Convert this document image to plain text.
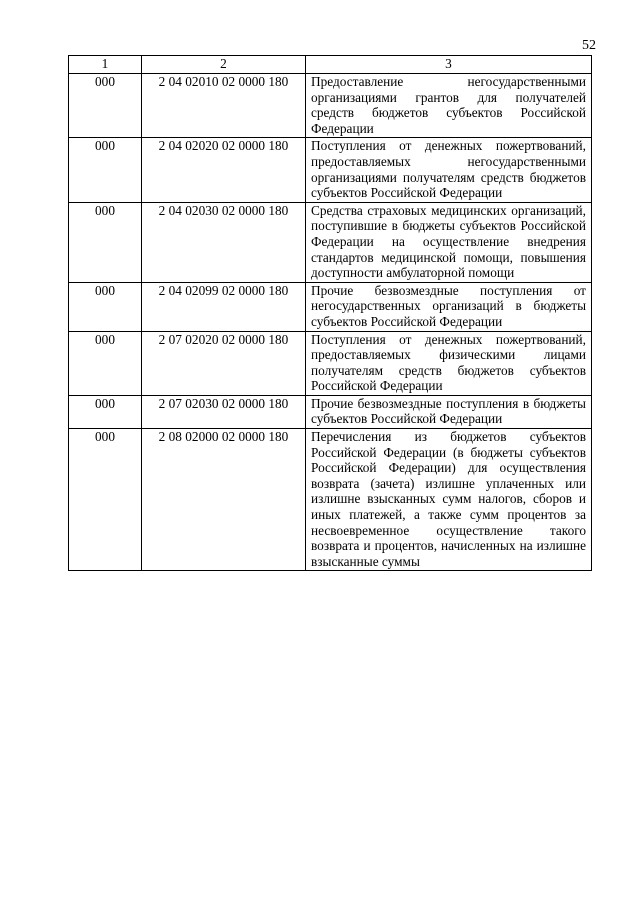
52
1	2	3
000	2 04 02010 02 0000 180	Предоставление негосударственными организациями грантов для получателей средств бюджетов субъектов Российской Федерации
000	2 04 02020 02 0000 180	Поступления от денежных пожертвований, предоставляемых негосударственными организациями получателям средств бюджетов субъектов Российской Федерации
000	2 04 02030 02 0000 180	Средства страховых медицинских организаций, поступившие в бюджеты субъектов Российской Федерации на осуществление внедрения стандартов медицинской помощи, повышения доступности амбулаторной помощи
000	2 04 02099 02 0000 180	Прочие безвозмездные поступления от негосударственных организаций в бюджеты субъектов Российской Федерации
000	2 07 02020 02 0000 180	Поступления от денежных пожертвований, предоставляемых физическими лицами получателям средств бюджетов субъектов Российской Федерации
000	2 07 02030 02 0000 180	Прочие безвозмездные поступления в бюджеты субъектов Российской Федерации
000	2 08 02000 02 0000 180	Перечисления из бюджетов субъектов Российской Федерации (в бюджеты субъектов Российской Федерации) для осуществления возврата (зачета) излишне уплаченных или излишне взысканных сумм налогов, сборов и иных платежей, а также сумм процентов за несвоевременное осуществление такого возврата и процентов, начисленных на излишне взысканные суммы
